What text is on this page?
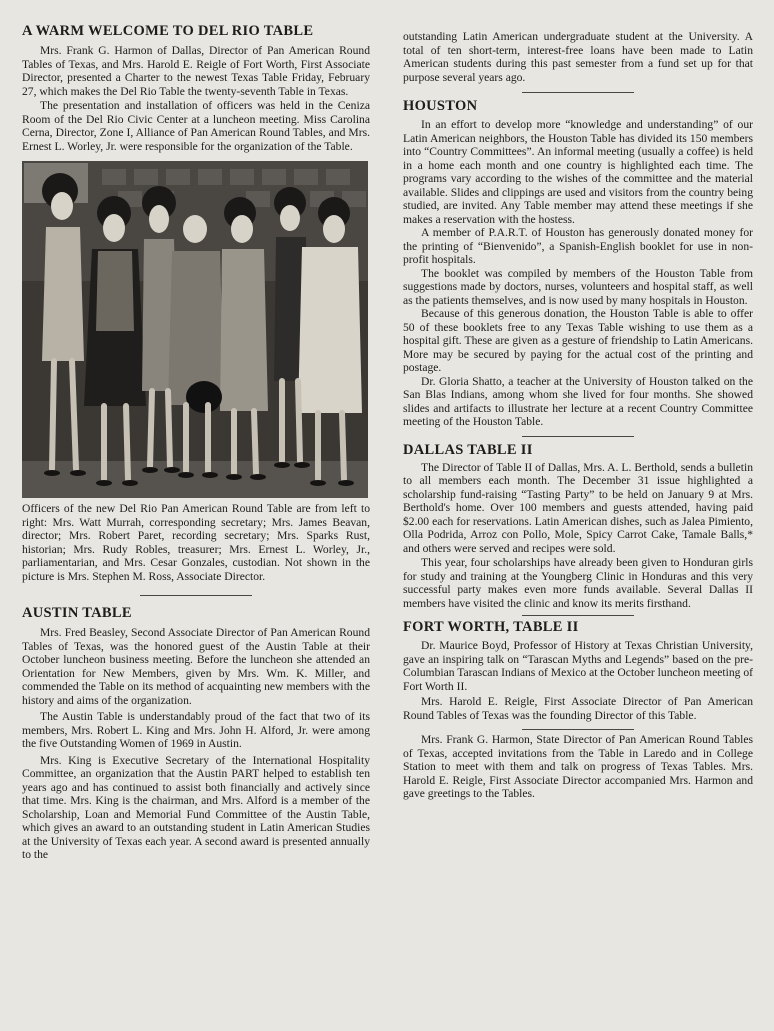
A WARM WELCOME TO DEL RIO TABLE

Mrs. Frank G. Harmon of Dallas, Director of Pan American Round Tables of Texas, and Mrs. Harold E. Reigle of Fort Worth, First Associate Director, presented a Charter to the newest Texas Table Friday, February 27, which makes the Del Rio Table the twenty-seventh Table in Texas.

The presentation and installation of officers was held in the Ceniza Room of the Del Rio Civic Center at a luncheon meeting. Miss Carolina Cerna, Director, Zone I, Alliance of Pan American Round Tables, and Mrs. Ernest L. Worley, Jr. were responsible for the organization of the Table.

Officers of the new Del Rio Pan American Round Table are from left to right: Mrs. Watt Murrah, corresponding secretary; Mrs. James Beavan, director; Mrs. Robert Paret, recording secretary; Mrs. Sparks Rust, historian; Mrs. Rudy Robles, treasurer; Mrs. Ernest L. Worley, Jr., parliamentarian, and Mrs. Cesar Gonzales, custodian. Not shown in the picture is Mrs. Stephen M. Ross, Associate Director.

AUSTIN TABLE

Mrs. Fred Beasley, Second Associate Director of Pan American Round Tables of Texas, was the honored guest of the Austin Table at their October luncheon business meeting. Before the luncheon she attended an Orientation for New Members, given by Mrs. Wm. K. Miller, and commended the Table on its method of acquainting new members with the history and aims of the organization.

The Austin Table is understandably proud of the fact that two of its members, Mrs. Robert L. King and Mrs. John H. Alford, Jr. were among the five Outstanding Women of 1969 in Austin.

Mrs. King is Executive Secretary of the International Hospitality Committee, an organization that the Austin PART helped to establish ten years ago and has continued to assist both financially and actively since that time. Mrs. King is the chairman, and Mrs. Alford is a member of the Scholarship, Loan and Memorial Fund Committee of the Austin Table, which gives an award to an outstanding student in Latin American Studies at the University of Texas each year. A second award is presented annually to the

outstanding Latin American undergraduate student at the University. A total of ten short-term, interest-free loans have been made to Latin American students during this past semester from a fund set up for that purpose several years ago.

HOUSTON

In an effort to develop more “knowledge and understanding” of our Latin American neighbors, the Houston Table has divided its 150 members into “Country Committees”. An informal meeting (usually a coffee) is held in a home each month and one country is highlighted each time. The programs vary according to the wishes of the committee and the material available. Slides and clippings are used and visitors from the country being studied, are invited. Any Table member may attend these meetings if she makes a reservation with the hostess.

A member of P.A.R.T. of Houston has generously donated money for the printing of “Bienvenido”, a Spanish-English booklet for use in non-profit hospitals.

The booklet was compiled by members of the Houston Table from suggestions made by doctors, nurses, volunteers and hospital staff, as well as the patients themselves, and is now used by many hospitals in Houston.

Because of this generous donation, the Houston Table is able to offer 50 of these booklets free to any Texas Table wishing to use them as a hospital gift. These are given as a gesture of friendship to Latin Americans. More may be secured by paying for the actual cost of the printing and postage.

Dr. Gloria Shatto, a teacher at the University of Houston talked on the San Blas Indians, among whom she lived for four months. She showed slides and artifacts to illustrate her lecture at a recent Country Committee meeting of the Houston Table.

DALLAS TABLE II

The Director of Table II of Dallas, Mrs. A. L. Berthold, sends a bulletin to all members each month. The December 31 issue highlighted a scholarship fund-raising “Tasting Party” to be held on January 9 at Mrs. Berthold's home. Over 100 members and guests attended, having paid $2.00 each for reservations. Latin American dishes, such as Jalea Pimiento, Olla Podrida, Arroz con Pollo, Mole, Spicy Carrot Cake, Tamale Balls,* and others were served and recipes were sold.

This year, four scholarships have already been given to Honduran girls for study and training at the Youngberg Clinic in Honduras and this very successful party makes even more funds available. Several Dallas II members have visited the clinic and know its merits firsthand.

FORT WORTH, TABLE II

Dr. Maurice Boyd, Professor of History at Texas Christian University, gave an inspiring talk on “Tarascan Myths and Legends” based on the pre-Columbian Tarascan Indians of Mexico at the October luncheon meeting of Fort Worth II.

Mrs. Harold E. Reigle, First Associate Director of Pan American Round Tables of Texas was the founding Director of this Table.

Mrs. Frank G. Harmon, State Director of Pan American Round Tables of Texas, accepted invitations from the Table in Laredo and in College Station to meet with them and talk on progress of Texas Tables. Mrs. Harold E. Reigle, First Associate Director accompanied Mrs. Harmon and gave greetings to the Tables.
